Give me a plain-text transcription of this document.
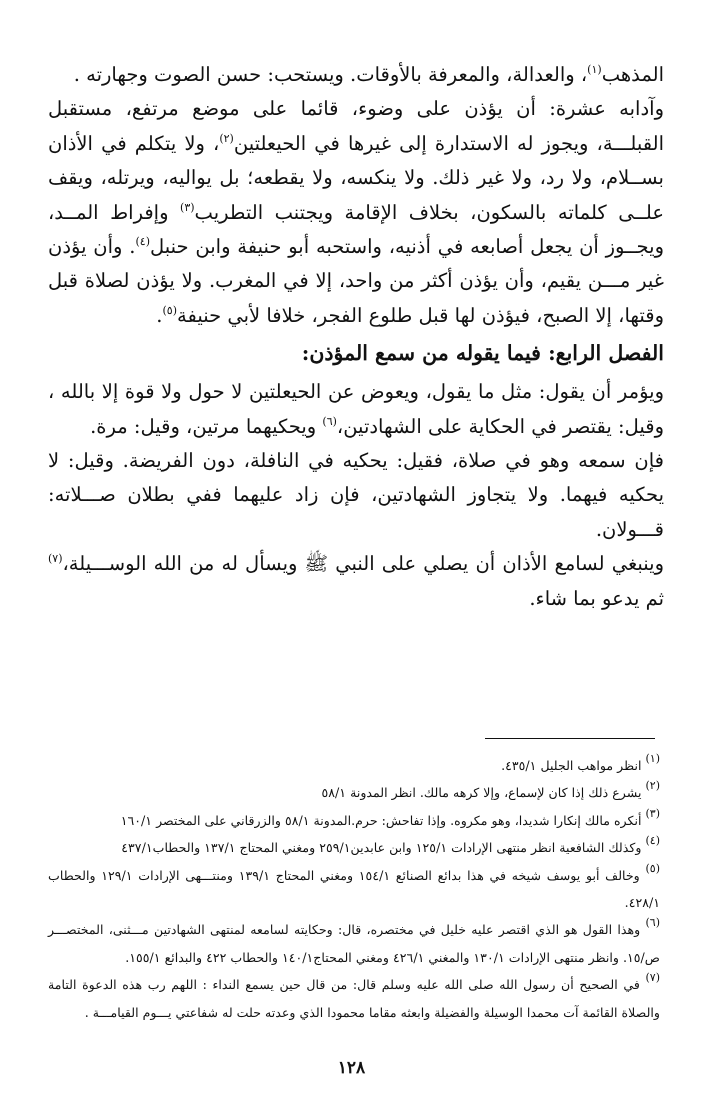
المذهب$^{(١)}$، والعدالة، والمعرفة بالأوقات. ويستحب: حسن الصوت وجهارته .

وآدابه عشرة: أن يؤذن على وضوء، قائما على موضع مرتفع، مستقبل القبلـــة، ويجوز له الاستدارة إلى غيرها في الحيعلتين$^{(٢)}$، ولا يتكلم في الأذان بســلام، ولا رد، ولا غير ذلك. ولا ينكسه، ولا يقطعه؛ بل يواليه، ويرتله، ويقف علــى كلماته بالسكون، بخلاف الإقامة ويجتنب التطريب$^{(٣)}$ وإفراط المــد، ويجــوز أن يجعل أصابعه في أذنيه، واستحبه أبو حنيفة وابن حنبل$^{(٤)}$. وأن يؤذن غير مـــن يقيم، وأن يؤذن أكثر من واحد، إلا في المغرب. ولا يؤذن لصلاة قبل وقتها، إلا الصبح، فيؤذن لها قبل طلوع الفجر، خلافا لأبي حنيفة$^{(٥)}$.

الفصل الرابع: فيما يقوله من سمع المؤذن:

ويؤمر أن يقول: مثل ما يقول، ويعوض عن الحيعلتين لا حول ولا قوة إلا بالله ، وقيل: يقتصر في الحكاية على الشهادتين،$^{(٦)}$ ويحكيهما مرتين، وقيل: مرة.

فإن سمعه وهو في صلاة، فقيل: يحكيه في النافلة، دون الفريضة. وقيل: لا يحكيه فيهما. ولا يتجاوز الشهادتين، فإن زاد عليهما ففي بطلان صـــلاته: قـــولان.

وينبغي لسامع الأذان أن يصلي على النبي ﷺ ويسأل له من الله الوســـيلة،$^{(٧)}$ ثم يدعو بما شاء.

$^{(١)}$ انظر مواهب الجليل ٤٣٥/١.

$^{(٢)}$ يشرع ذلك إذا كان لإسماع، وإلا كرهه مالك. انظر المدونة ٥٨/١

$^{(٣)}$ أنكره مالك إنكارا شديدا، وهو مكروه. وإذا تفاحش: حرم.المدونة ٥٨/١ والزرقاني على المختصر ١٦٠/١

$^{(٤)}$ وكذلك الشافعية انظر منتهى الإرادات ١٢٥/١ وابن عابدين٢٥٩/١ ومغني المحتاج ١٣٧/١ والحطاب٤٣٧/١

$^{(٥)}$ وخالف أبو يوسف شيخه في هذا بدائع الصنائع ١٥٤/١ ومغني المحتاج ١٣٩/١ ومنتـــهى الإرادات ١٢٩/١ والحطاب ٤٢٨/١.

$^{(٦)}$ وهذا القول هو الذي اقتصر عليه خليل في مختصره، قال: وحكايته لسامعه لمنتهى الشهادتين مـــثنى، المختصـــر ص/١٥. وانظر منتهى الإرادات ١٣٠/١ والمغني ٤٢٦/١ ومغني المحتاج١٤٠/١ والحطاب ٤٢٢ والبدائع ١٥٥/١.

$^{(٧)}$ في الصحيح أن رسول الله صلى الله عليه وسلم قال: من قال حين يسمع النداء : اللهم رب هذه الدعوة التامة والصلاة القائمة آت محمدا الوسيلة والفضيلة وابعثه مقاما محمودا الذي وعدته حلت له شفاعتي يـــوم القيامـــة .

١٢٨
